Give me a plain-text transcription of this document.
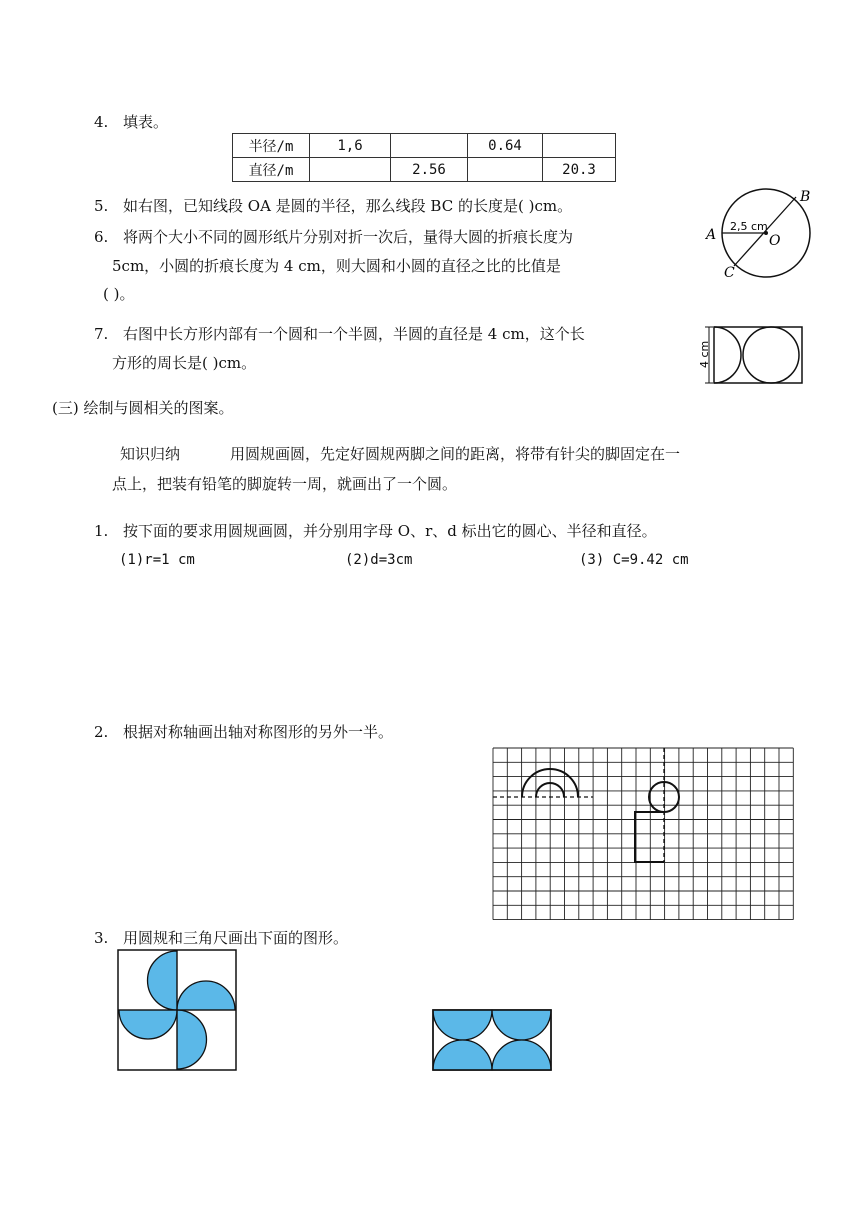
4. 填表。
半径/m	1,6		0.64	
直径/m		2.56		20.3
5. 如右图，已知线段 OA 是圆的半径，那么线段 BC 的长度是( )cm。
A
B
C
O
2,5 cm
6. 将两个大小不同的圆形纸片分别对折一次后，量得大圆的折痕长度为
5cm，小圆的折痕长度为 4 cm，则大圆和小圆的直径之比的比值是
( )。
7. 右图中长方形内部有一个圆和一个半圆，半圆的直径是 4 cm，这个长
方形的周长是( )cm。	4 cm
(三) 绘制与圆相关的图案。
知识归纳	用圆规画圆，先定好圆规两脚之间的距离，将带有针尖的脚固定在一
点上，把装有铅笔的脚旋转一周，就画出了一个圆。
1. 按下面的要求用圆规画圆，并分别用字母 O、r、d 标出它的圆心、半径和直径。
(1)r=1 cm	(2)d=3cm	(3) C=9.42 cm
2. 根据对称轴画出轴对称图形的另外一半。
3. 用圆规和三角尺画出下面的图形。
